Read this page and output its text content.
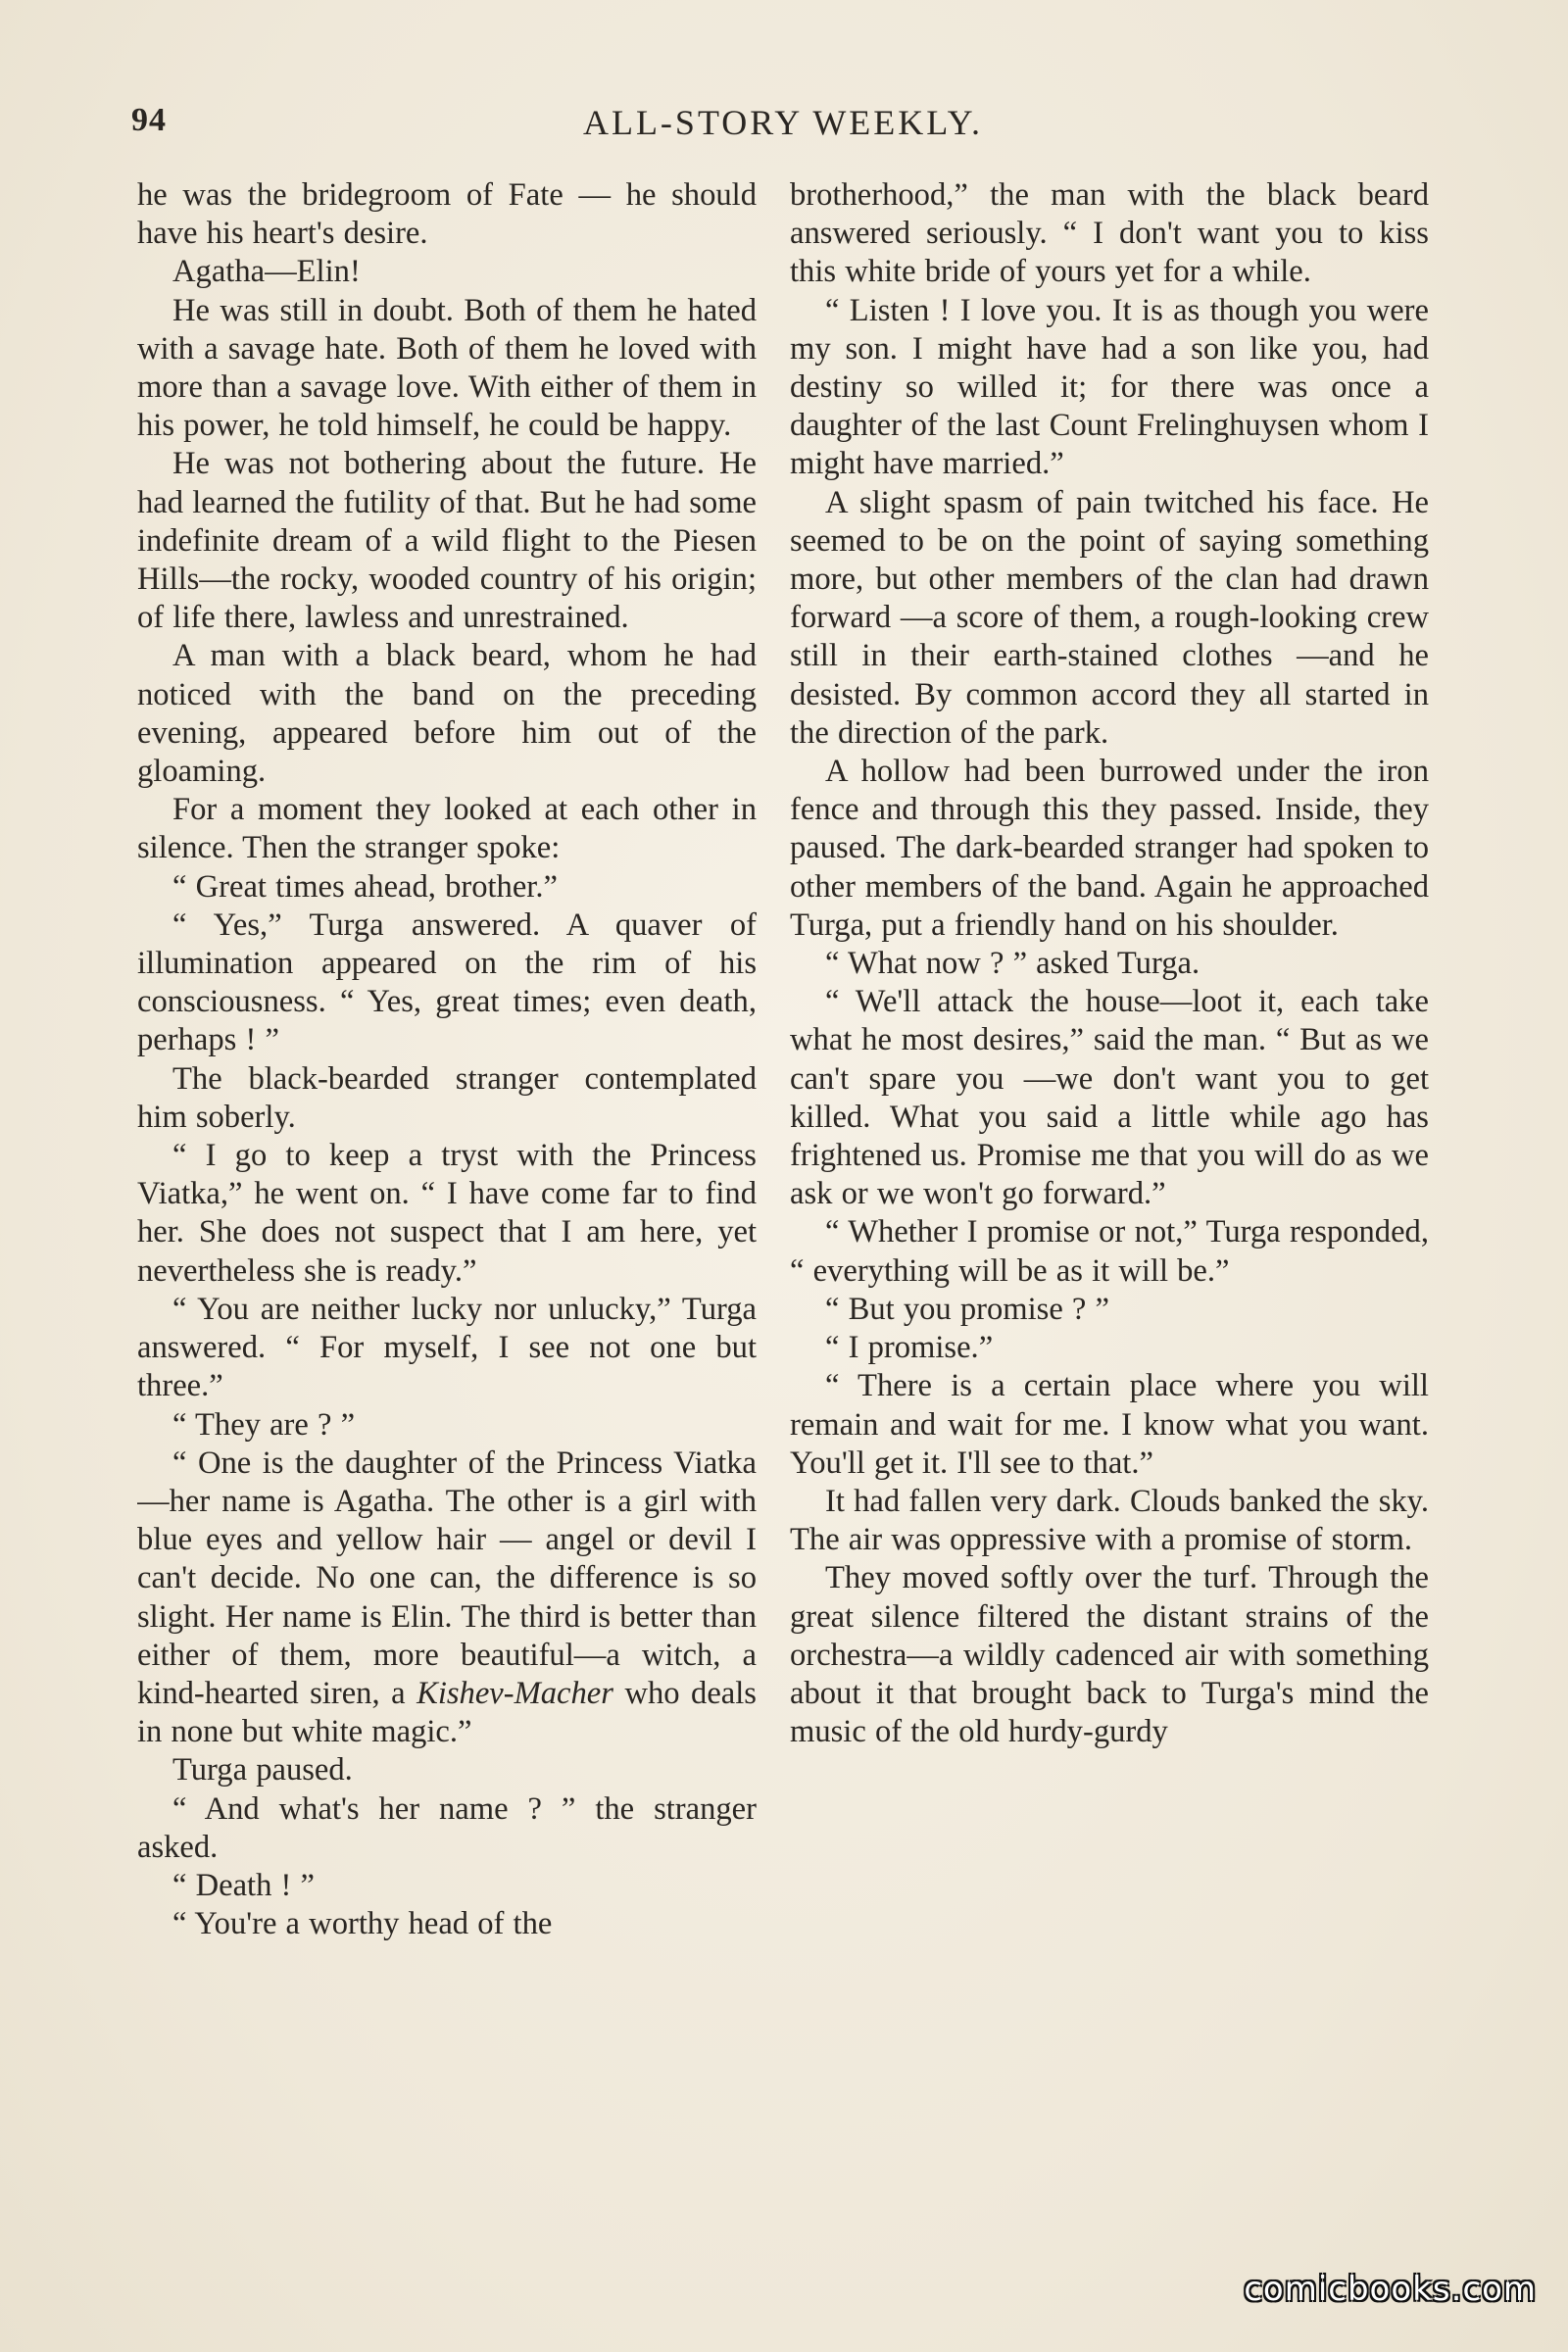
94	ALL-STORY WEEKLY.

he was the bridegroom of Fate — he should have his heart's desire.

Agatha—Elin!

He was still in doubt. Both of them he hated with a savage hate. Both of them he loved with more than a savage love. With either of them in his power, he told himself, he could be happy.

He was not bothering about the future. He had learned the futility of that. But he had some indefinite dream of a wild flight to the Piesen Hills—the rocky, wooded country of his origin; of life there, lawless and unrestrained.

A man with a black beard, whom he had noticed with the band on the preceding evening, appeared before him out of the gloaming.

For a moment they looked at each other in silence. Then the stranger spoke:

“ Great times ahead, brother.”

“ Yes,” Turga answered. A quaver of illumination appeared on the rim of his consciousness. “ Yes, great times; even death, perhaps ! ”

The black-bearded stranger contemplated him soberly.

“ I go to keep a tryst with the Princess Viatka,” he went on. “ I have come far to find her. She does not suspect that I am here, yet nevertheless she is ready.”

“ You are neither lucky nor unlucky,” Turga answered. “ For myself, I see not one but three.”

“ They are ? ”

“ One is the daughter of the Princess Viatka—her name is Agatha. The other is a girl with blue eyes and yellow hair — angel or devil I can't decide. No one can, the difference is so slight. Her name is Elin. The third is better than either of them, more beautiful—a witch, a kind-hearted siren, a Kishev-Macher who deals in none but white magic.”

Turga paused.

“ And what's her name ? ” the stranger asked.

“ Death ! ”

“ You're a worthy head of the

brotherhood,” the man with the black beard answered seriously. “ I don't want you to kiss this white bride of yours yet for a while.

“ Listen ! I love you. It is as though you were my son. I might have had a son like you, had destiny so willed it; for there was once a daughter of the last Count Frelinghuysen whom I might have married.”

A slight spasm of pain twitched his face. He seemed to be on the point of saying something more, but other members of the clan had drawn forward —a score of them, a rough-looking crew still in their earth-stained clothes —and he desisted. By common accord they all started in the direction of the park.

A hollow had been burrowed under the iron fence and through this they passed. Inside, they paused. The dark-bearded stranger had spoken to other members of the band. Again he approached Turga, put a friendly hand on his shoulder.

“ What now ? ” asked Turga.

“ We'll attack the house—loot it, each take what he most desires,” said the man. “ But as we can't spare you —we don't want you to get killed. What you said a little while ago has frightened us. Promise me that you will do as we ask or we won't go forward.”

“ Whether I promise or not,” Turga responded, “ everything will be as it will be.”

“ But you promise ? ”

“ I promise.”

“ There is a certain place where you will remain and wait for me. I know what you want. You'll get it. I'll see to that.”

It had fallen very dark. Clouds banked the sky. The air was oppressive with a promise of storm.

They moved softly over the turf. Through the great silence filtered the distant strains of the orchestra—a wildly cadenced air with something about it that brought back to Turga's mind the music of the old hurdy-gurdy

comicbooks.com
